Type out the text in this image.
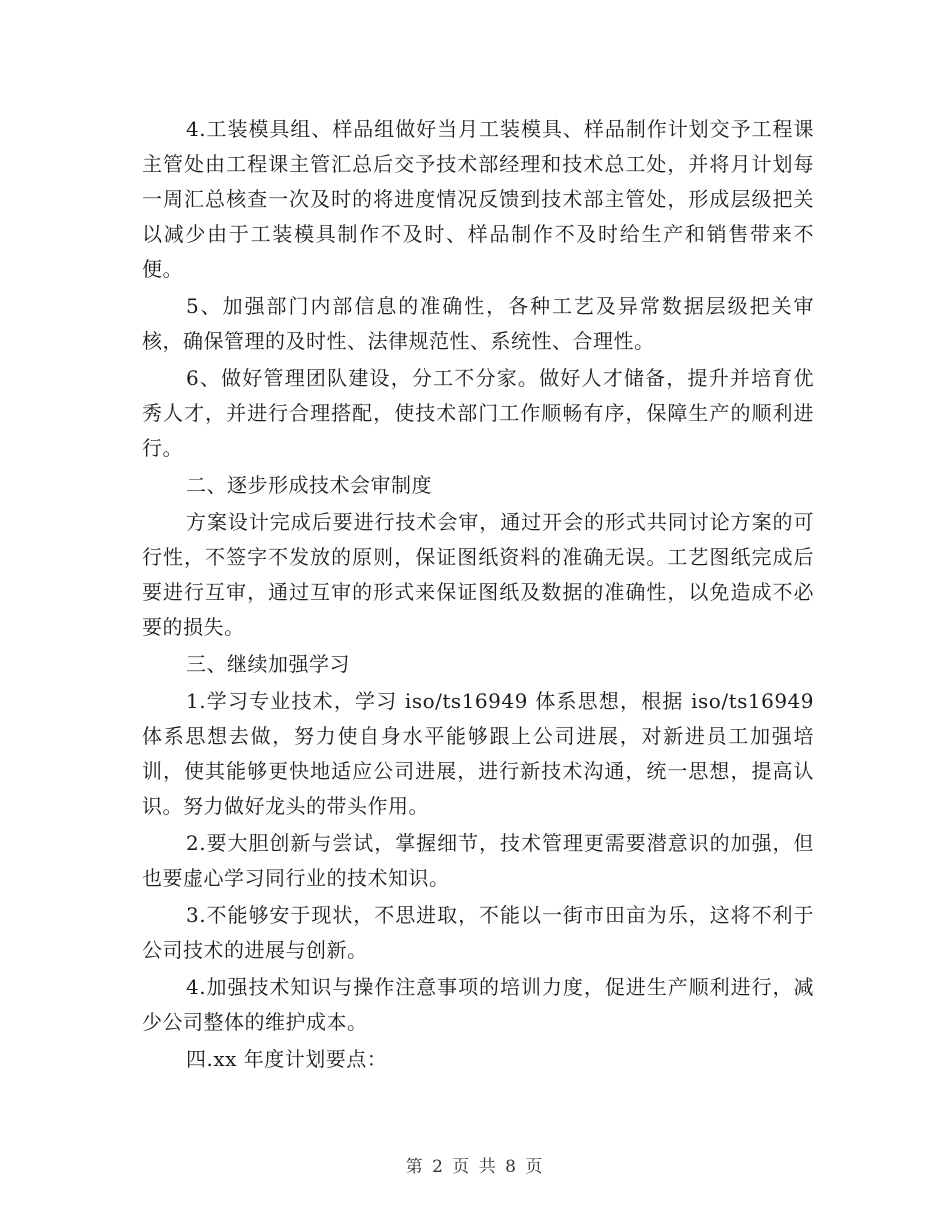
4.工装模具组、样品组做好当月工装模具、样品制作计划交予工程课主管处由工程课主管汇总后交予技术部经理和技术总工处，并将月计划每一周汇总核查一次及时的将进度情况反馈到技术部主管处，形成层级把关以减少由于工装模具制作不及时、样品制作不及时给生产和销售带来不便。

5、加强部门内部信息的准确性，各种工艺及异常数据层级把关审核，确保管理的及时性、法律规范性、系统性、合理性。

6、做好管理团队建设，分工不分家。做好人才储备，提升并培育优秀人才，并进行合理搭配，使技术部门工作顺畅有序，保障生产的顺利进行。

二、逐步形成技术会审制度

方案设计完成后要进行技术会审，通过开会的形式共同讨论方案的可行性，不签字不发放的原则，保证图纸资料的准确无误。工艺图纸完成后要进行互审，通过互审的形式来保证图纸及数据的准确性，以免造成不必要的损失。

三、继续加强学习

1.学习专业技术，学习 iso/ts16949 体系思想，根据 iso/ts16949 体系思想去做，努力使自身水平能够跟上公司进展，对新进员工加强培训，使其能够更快地适应公司进展，进行新技术沟通，统一思想，提高认识。努力做好龙头的带头作用。

2.要大胆创新与尝试，掌握细节，技术管理更需要潜意识的加强，但也要虚心学习同行业的技术知识。

3.不能够安于现状，不思进取，不能以一街市田亩为乐，这将不利于公司技术的进展与创新。

4.加强技术知识与操作注意事项的培训力度，促进生产顺利进行，减少公司整体的维护成本。

四.xx 年度计划要点：

第 2 页 共 8 页
